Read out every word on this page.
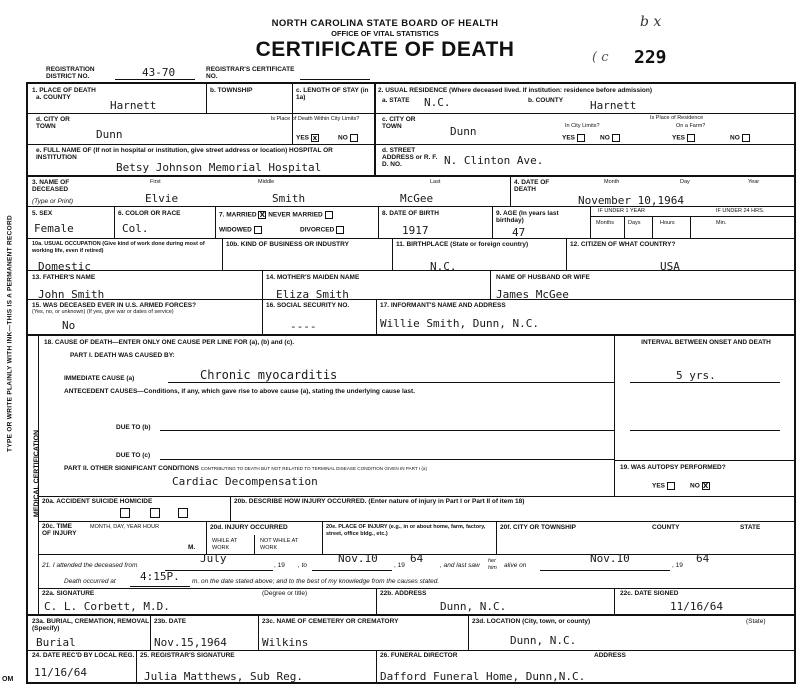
TYPE OR WRITE PLAINLY WITH INK—THIS IS A PERMANENT RECORD
OM
NORTH CAROLINA STATE BOARD OF HEALTH
OFFICE OF VITAL STATISTICS
CERTIFICATE OF DEATH
b x
( c 229
REGISTRATION DISTRICT NO.	43-70	REGISTRAR'S CERTIFICATE NO.
1. PLACE OF DEATH
a. COUNTY
Harnett
b. TOWNSHIP	c. LENGTH OF STAY (in 1a)
d. CITY OR TOWN
Dunn
Is Place of Death Within City Limits?
YES x	NO
e. FULL NAME OF (If not in hospital or institution, give street address or location) HOSPITAL OR INSTITUTION
Betsy Johnson Memorial Hospital
2. USUAL RESIDENCE (Where deceased lived. If institution: residence before admission)
a. STATE N.C.	b. COUNTY Harnett
c. CITY OR TOWN	Dunn
Is Place of Residence
In City Limits?	On a Farm?
YES	NO	YES	NO
d. STREET ADDRESS or R. F. D. NO.	N. Clinton Ave.
3. NAME OF DECEASED
(Type or Print)
First	Middle	Last
Elvie	Smith	McGee
4. DATE OF DEATH
Month	Day	Year
November 10,1964
5. SEX
Female
6. COLOR OR RACE
Col.
7. MARRIED X NEVER MARRIED
WIDOWED	DIVORCED
8. DATE OF BIRTH
1917
9. AGE (In years last birthday)
47
IF UNDER 1 YEAR	IF UNDER 24 HRS.
Months	Days	Hours	Min.
10a. USUAL OCCUPATION (Give kind of work done during most of working life, even if retired)
Domestic
10b. KIND OF BUSINESS OR INDUSTRY	11. BIRTHPLACE (State or foreign country)
N.C.
12. CITIZEN OF WHAT COUNTRY?
USA
13. FATHER'S NAME
John Smith
14. MOTHER'S MAIDEN NAME
Eliza Smith
NAME OF HUSBAND OR WIFE
James McGee
15. WAS DECEASED EVER IN U.S. ARMED FORCES?
(Yes, no, or unknown) (If yes, give war or dates of service)
No
16. SOCIAL SECURITY NO.
----
17. INFORMANT'S NAME AND ADDRESS
Willie Smith, Dunn, N.C.
MEDICAL CERTIFICATION
18. CAUSE OF DEATH—ENTER ONLY ONE CAUSE PER LINE FOR (a), (b) and (c).	INTERVAL BETWEEN ONSET AND DEATH
PART I. DEATH WAS CAUSED BY:
IMMEDIATE CAUSE (a)	Chronic myocarditis	5 yrs.
ANTECEDENT CAUSES—Conditions, if any, which gave rise to above cause (a), stating the underlying cause last.
DUE TO (b)
DUE TO (c)
PART II. OTHER SIGNIFICANT CONDITIONS CONTRIBUTING TO DEATH BUT NOT RELATED TO TERMINAL DISEASE CONDITION GIVEN IN PART I (a)
Cardiac Decompensation
19. WAS AUTOPSY PERFORMED?
YES	NO X
20a. ACCIDENT SUICIDE HOMICIDE	20b. DESCRIBE HOW INJURY OCCURRED. (Enter nature of injury in Part I or Part II of item 18)
20c. TIME OF INJURY
MONTH, DAY, YEAR HOUR
M.
20d. INJURY OCCURRED
WHILE AT WORK
NOT WHILE AT WORK
20e. PLACE OF INJURY (e.g., in or about home, farm, factory, street, office bldg., etc.)
20f. CITY OR TOWNSHIP	COUNTY	STATE
21. I attended the deceased from
July
, 19 , to
Nov.10
, 19
64
, and last saw
her him	alive on
Nov.10
, 19
64
Death occurred at 4:15P. m. on the date stated above; and to the best of my knowledge from the causes stated.
22a. SIGNATURE
C. L. Corbett, M.D.
(Degree or title)	22b. ADDRESS
Dunn, N.C.
22c. DATE SIGNED
11/16/64
23a. BURIAL, CREMATION, REMOVAL (Specify)
Burial
23b. DATE
Nov.15,1964
23c. NAME OF CEMETERY OR CREMATORY
Wilkins
23d. LOCATION (City, town, or county)	(State)
Dunn, N.C.
24. DATE REC'D BY LOCAL REG.
11/16/64
25. REGISTRAR'S SIGNATURE
Julia Matthews, Sub Reg.
26. FUNERAL DIRECTOR	ADDRESS
Dafford Funeral Home, Dunn,N.C.
